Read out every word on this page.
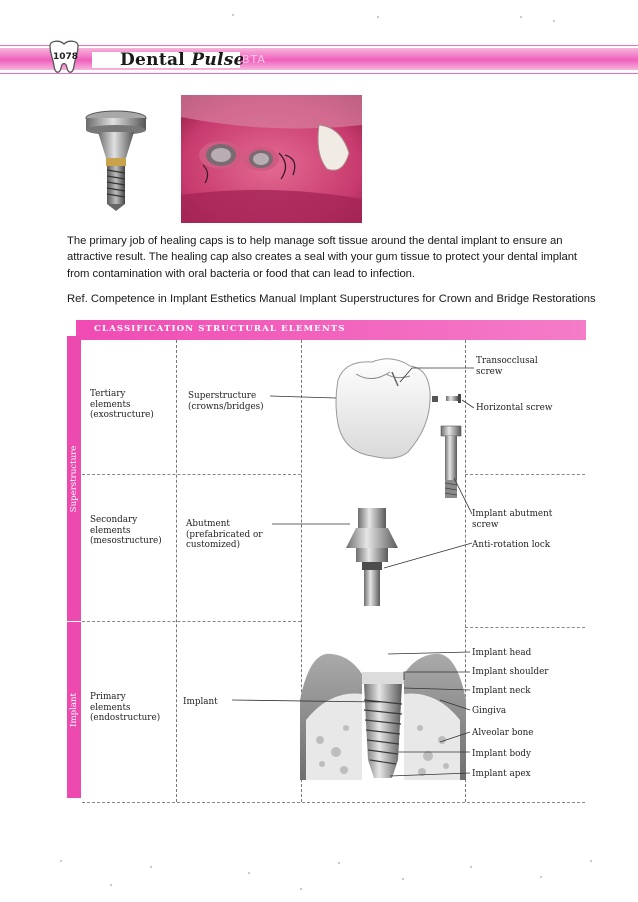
1078 Dental Pulse
BTA
The primary job of healing caps is to help manage soft tissue around the dental implant to ensure an attractive result. The healing cap also creates a seal with your gum tissue to protect your dental implant from contamination with oral bacteria or food that can lead to infection.
Ref. Competence in Implant Esthetics Manual Implant Superstructures for Crown and Bridge Restorations
CLASSIFICATION STRUCTURAL ELEMENTS
Superstructure
Implant
Tertiary
elements
(exostructure)
Superstructure
(crowns/bridges)
Secondary
elements
(mesostructure)
Abutment
(prefabricated or
customized)
Primary
elements
(endostructure)
Implant
Transocclusal
screw
Horizontal screw
Implant abutment
screw
Anti-rotation lock
Implant head
Implant shoulder
Implant neck
Gingiva
Alveolar bone
Implant body
Implant apex
